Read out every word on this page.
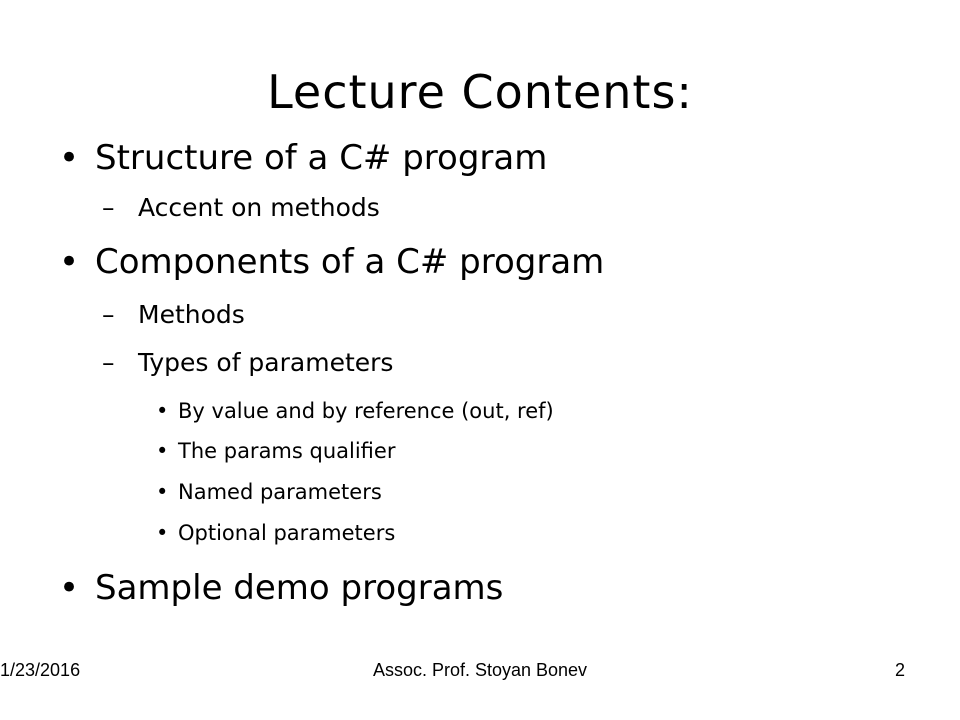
Lecture Contents:
• Structure of a C# program
– Accent on methods
• Components of a C# program
– Methods
– Types of parameters
• By value and by reference (out, ref)
• The params qualifier
• Named parameters
• Optional parameters
• Sample demo programs
1/23/2016	Assoc. Prof. Stoyan Bonev	2
